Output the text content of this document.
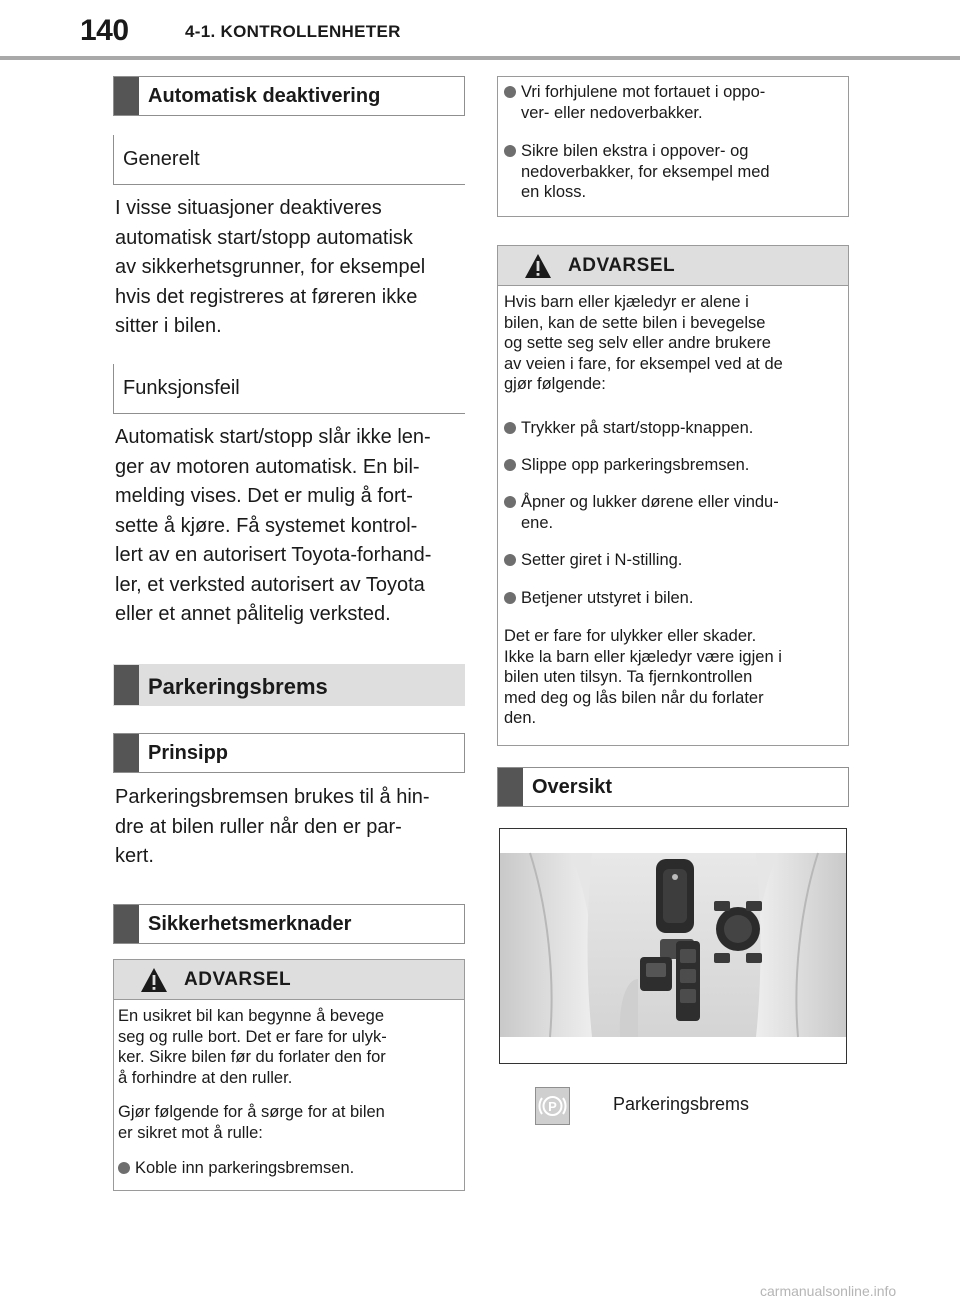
140	4-1. KONTROLLENHETER
Automatisk deaktivering
Generelt
I visse situasjoner deaktiveres
automatisk start/stopp automatisk
av sikkerhetsgrunner, for eksempel
hvis det registreres at føreren ikke
sitter i bilen.
Funksjonsfeil
Automatisk start/stopp slår ikke len-
ger av motoren automatisk. En bil-
melding vises. Det er mulig å fort-
sette å kjøre. Få systemet kontrol-
lert av en autorisert Toyota-forhand-
ler, et verksted autorisert av Toyota
eller et annet pålitelig verksted.
Parkeringsbrems
Prinsipp
Parkeringsbremsen brukes til å hin-
dre at bilen ruller når den er par-
kert.
Sikkerhetsmerknader
ADVARSEL
En usikret bil kan begynne å bevege
seg og rulle bort. Det er fare for ulyk-
ker. Sikre bilen før du forlater den for
å forhindre at den ruller.
Gjør følgende for å sørge for at bilen
er sikret mot å rulle:
Koble inn parkeringsbremsen.
Vri forhjulene mot fortauet i oppo-
ver- eller nedoverbakker.
Sikre bilen ekstra i oppover- og
nedoverbakker, for eksempel med
en kloss.
ADVARSEL
Hvis barn eller kjæledyr er alene i
bilen, kan de sette bilen i bevegelse
og sette seg selv eller andre brukere
av veien i fare, for eksempel ved at de
gjør følgende:
Trykker på start/stopp-knappen.
Slippe opp parkeringsbremsen.
Åpner og lukker dørene eller vindu-
ene.
Setter giret i N-stilling.
Betjener utstyret i bilen.
Det er fare for ulykker eller skader.
Ikke la barn eller kjæledyr være igjen i
bilen uten tilsyn. Ta fjernkontrollen
med deg og lås bilen når du forlater
den.
Oversikt
P	Parkeringsbrems
carmanualsonline.info
